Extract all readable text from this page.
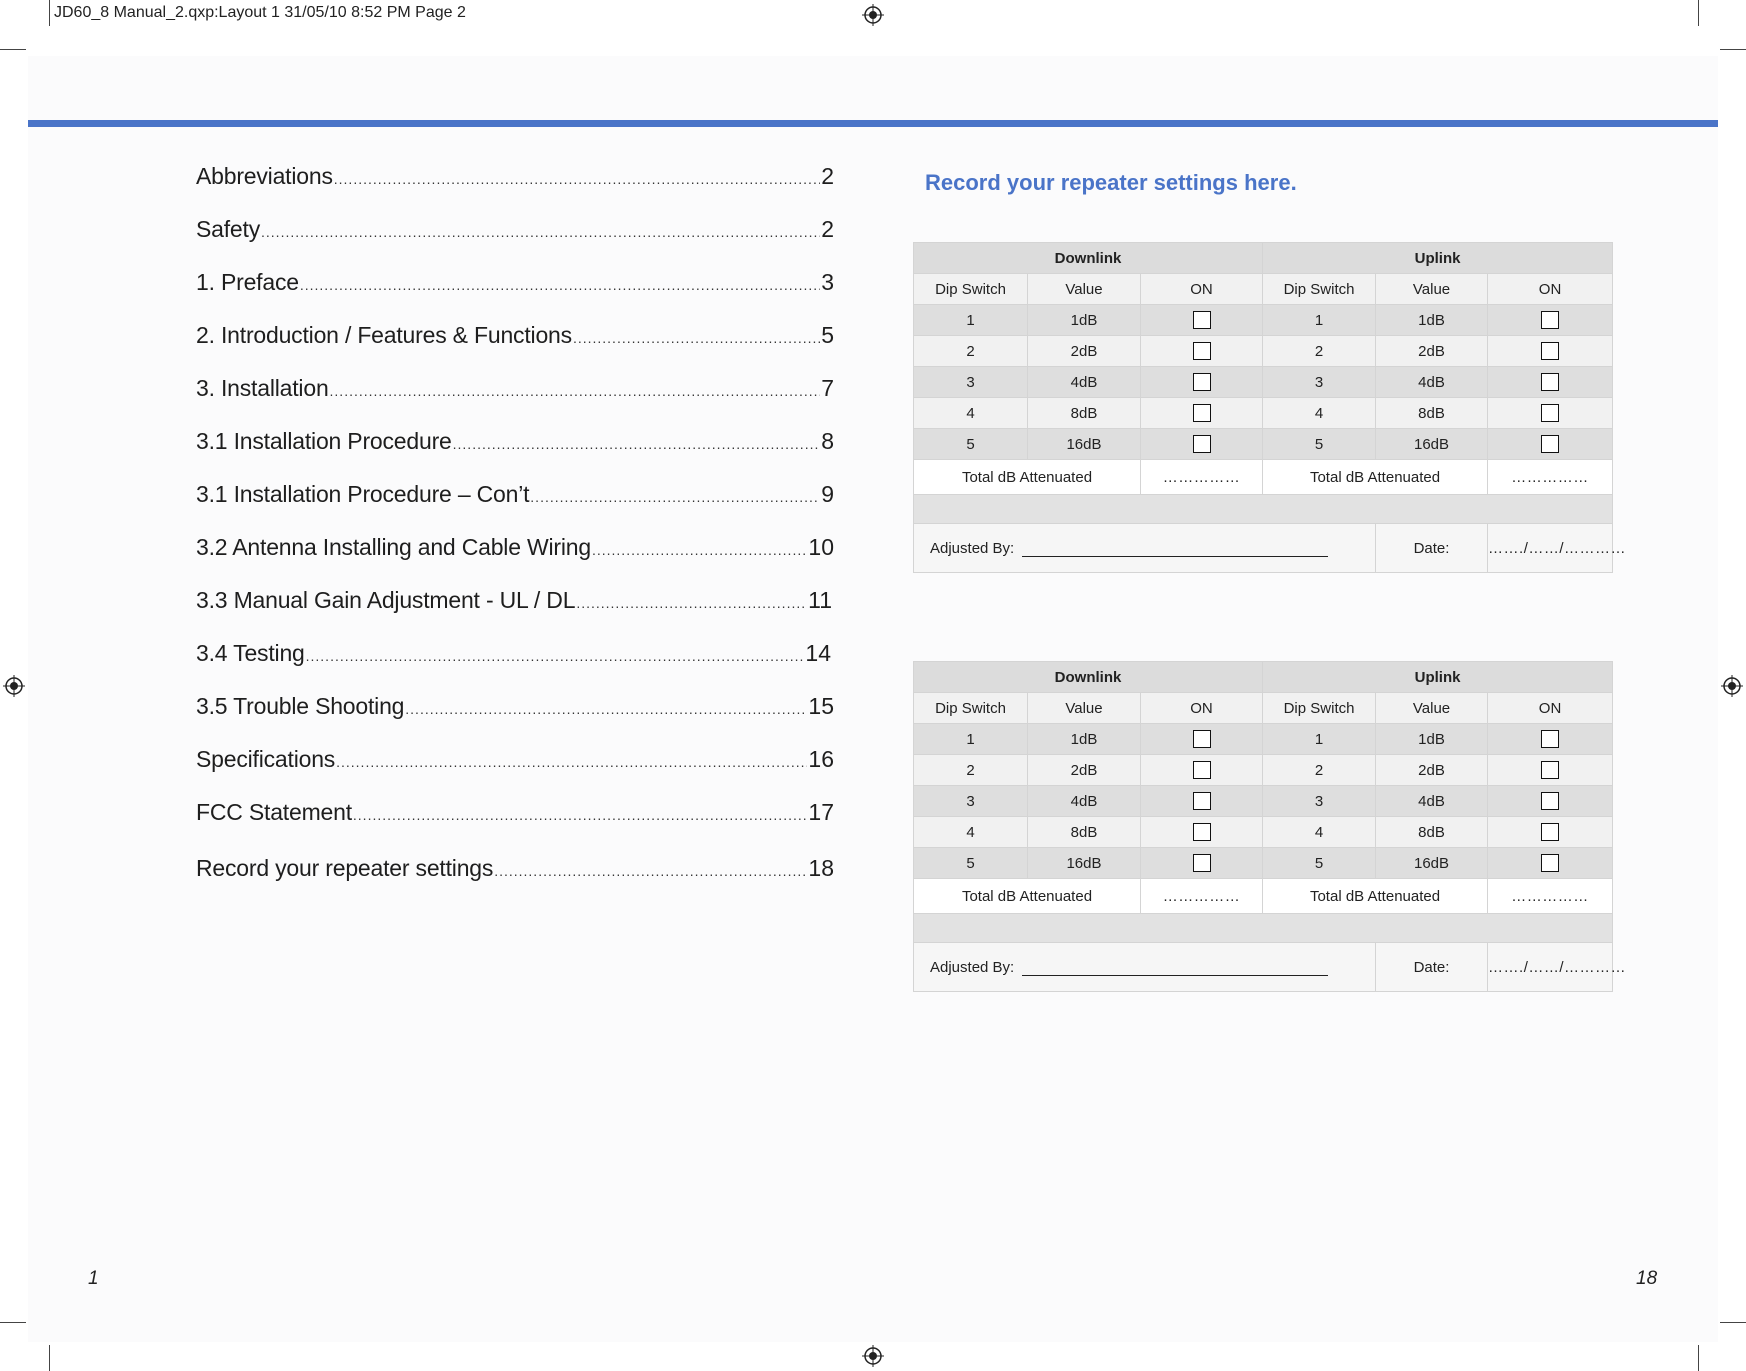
JD60_8 Manual_2.qxp:Layout 1 31/05/10 8:52 PM Page 2
Abbreviations .....	2
Safety .....	2
1. Preface .....	3
2. Introduction / Features & Functions .....	5
3. Installation .....	7
3.1 Installation Procedure .....	8
3.1 Installation Procedure – Con’t .....	9
3.2 Antenna Installing and Cable Wiring .....	10
3.3 Manual Gain Adjustment - UL / DL .....	11
3.4 Testing .....	14
3.5 Trouble Shooting .....	15
Specifications .....	16
FCC Statement .....	17
Record your repeater settings .....	18
Record your repeater settings here.
Downlink			Uplink		
Dip Switch	Value	ON	Dip Switch	Value	ON
1	1dB		1	1dB	
2	2dB		2	2dB	
3	4dB		3	4dB	
4	8dB		4	8dB	
5	16dB		5	16dB	
Total dB Attenuated		……………	Total dB Attenuated		……………

Adjusted By:				Date:	……./……/…………
Downlink			Uplink		
Dip Switch	Value	ON	Dip Switch	Value	ON
1	1dB		1	1dB	
2	2dB		2	2dB	
3	4dB		3	4dB	
4	8dB		4	8dB	
5	16dB		5	16dB	
Total dB Attenuated		……………	Total dB Attenuated		……………

Adjusted By:				Date:	……./……/…………
1	18
